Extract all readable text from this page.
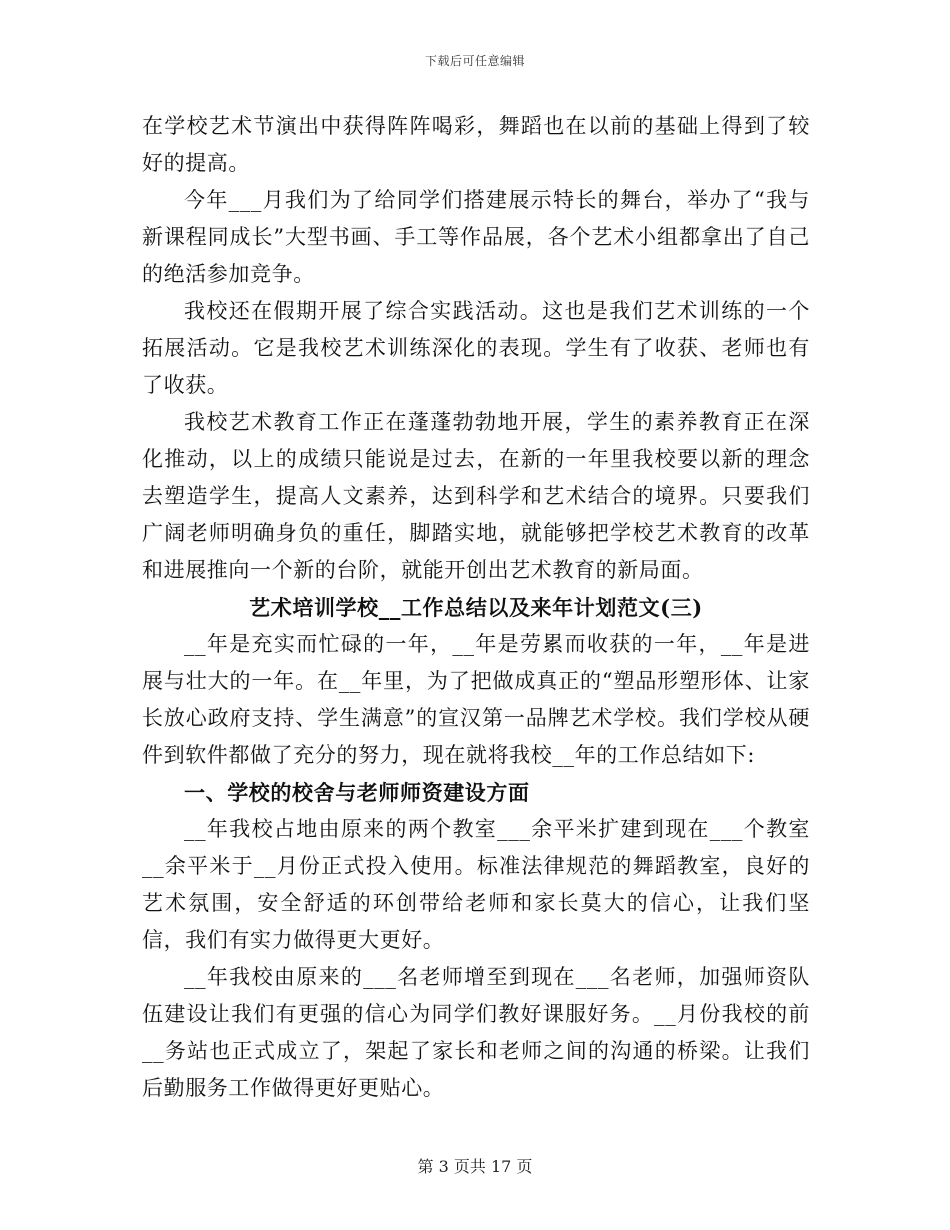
下载后可任意编辑

在学校艺术节演出中获得阵阵喝彩，舞蹈也在以前的基础上得到了较好的提高。

今年___月我们为了给同学们搭建展示特长的舞台，举办了“我与新课程同成长”大型书画、手工等作品展，各个艺术小组都拿出了自己的绝活参加竞争。

我校还在假期开展了综合实践活动。这也是我们艺术训练的一个拓展活动。它是我校艺术训练深化的表现。学生有了收获、老师也有了收获。

我校艺术教育工作正在蓬蓬勃勃地开展，学生的素养教育正在深化推动，以上的成绩只能说是过去，在新的一年里我校要以新的理念去塑造学生，提高人文素养，达到科学和艺术结合的境界。只要我们广阔老师明确身负的重任，脚踏实地，就能够把学校艺术教育的改革和进展推向一个新的台阶，就能开创出艺术教育的新局面。

艺术培训学校__工作总结以及来年计划范文(三)

__年是充实而忙碌的一年，__年是劳累而收获的一年，__年是进展与壮大的一年。在__年里，为了把做成真正的“塑品形塑形体、让家长放心政府支持、学生满意”的宣汉第一品牌艺术学校。我们学校从硬件到软件都做了充分的努力，现在就将我校__年的工作总结如下:

一、学校的校舍与老师师资建设方面

__年我校占地由原来的两个教室___余平米扩建到现在___个教室__余平米于__月份正式投入使用。标准法律规范的舞蹈教室，良好的艺术氛围，安全舒适的环创带给老师和家长莫大的信心，让我们坚信，我们有实力做得更大更好。

__年我校由原来的___名老师增至到现在___名老师，加强师资队伍建设让我们有更强的信心为同学们教好课服好务。__月份我校的前__务站也正式成立了，架起了家长和老师之间的沟通的桥梁。让我们后勤服务工作做得更好更贴心。

第 3 页共 17 页
